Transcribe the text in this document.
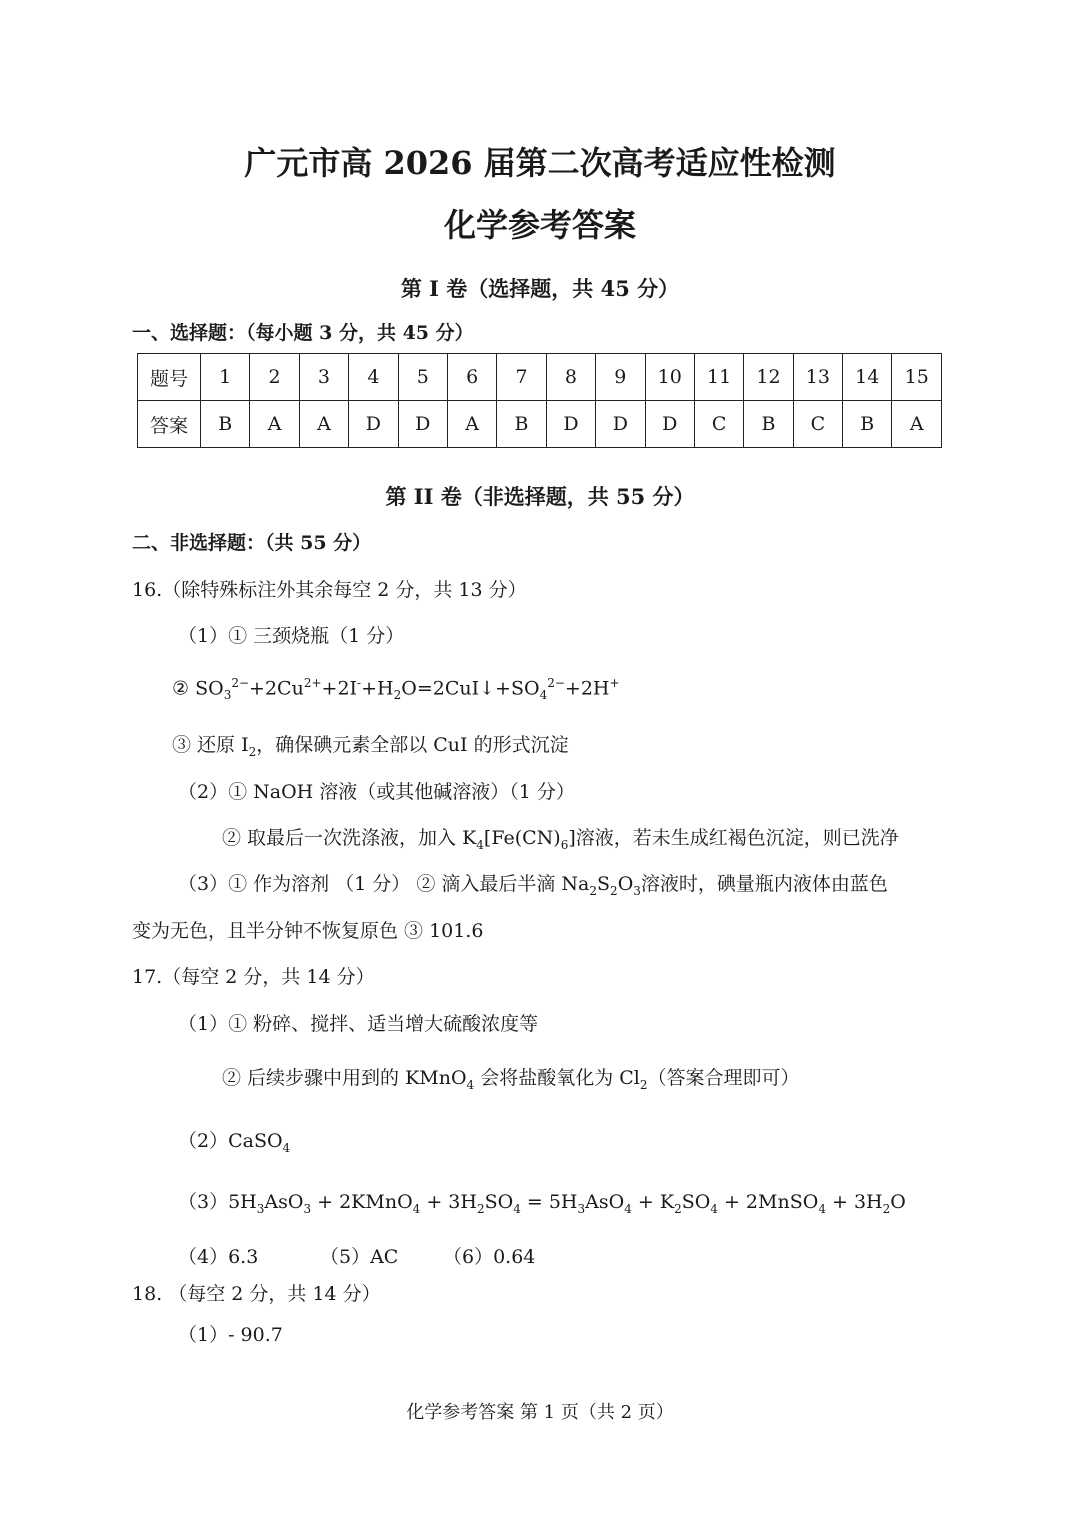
广元市高 2026 届第二次高考适应性检测
化学参考答案
第 I 卷（选择题，共 45 分）
一、选择题：（每小题 3 分，共 45 分）
题号	1	2	3	4	5	6	7	8	9	10	11	12	13	14	15
答案	B	A	A	D	D	A	B	D	D	D	C	B	C	B	A
第 II 卷（非选择题，共 55 分）
二、非选择题：（共 55 分）
16.（除特殊标注外其余每空 2 分，共 13 分）
（1）① 三颈烧瓶（1 分）
② $SO_3^{2-}+2Cu^{2+}+2I^-+H_2O=2CuI↓+SO_4^{2-}+2H^+$
③ 还原 $I_2$，确保碘元素全部以 CuI 的形式沉淀
（2）① NaOH 溶液（或其他碱溶液）（1 分）
② 取最后一次洗涤液，加入 $K_4[Fe(CN)_6]$溶液，若未生成红褐色沉淀，则已洗净
（3）① 作为溶剂 （1 分） ② 滴入最后半滴 $Na_2S_2O_3$溶液时，碘量瓶内液体由蓝色
变为无色，且半分钟不恢复原色 ③ 101.6
17.（每空 2 分，共 14 分）
（1）① 粉碎、搅拌、适当增大硫酸浓度等
② 后续步骤中用到的 KMnO$_4$ 会将盐酸氧化为 $Cl_2$（答案合理即可）
（2）CaSO$_4$
$(3)5H_3AsO_3$ + 2KMnO$_4$ + $3H_2SO_4 = 5H_3AsO_4 + K_2SO_4$ + 2MnSO$_4$ + $3H_2O$
（4）6.3	（5）AC （6）0.64
18. （每空 2 分，共 14 分）
（1）- 90.7
化学参考答案 第 1 页（共 2 页）
